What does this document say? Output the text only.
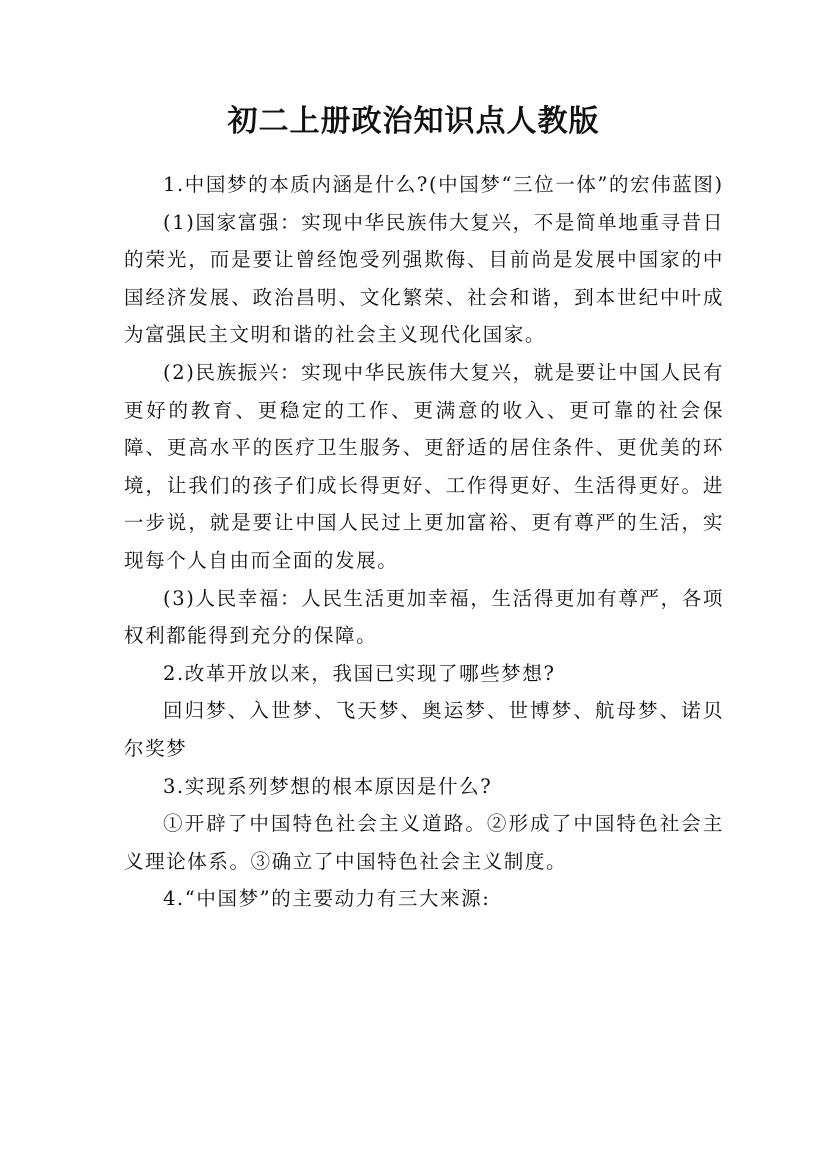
初二上册政治知识点人教版

1.中国梦的本质内涵是什么?(中国梦“三位一体”的宏伟蓝图)

(1)国家富强：实现中华民族伟大复兴，不是简单地重寻昔日的荣光，而是要让曾经饱受列强欺侮、目前尚是发展中国家的中国经济发展、政治昌明、文化繁荣、社会和谐，到本世纪中叶成为富强民主文明和谐的社会主义现代化国家。

(2)民族振兴：实现中华民族伟大复兴，就是要让中国人民有更好的教育、更稳定的工作、更满意的收入、更可靠的社会保障、更高水平的医疗卫生服务、更舒适的居住条件、更优美的环境，让我们的孩子们成长得更好、工作得更好、生活得更好。进一步说，就是要让中国人民过上更加富裕、更有尊严的生活，实现每个人自由而全面的发展。

(3)人民幸福：人民生活更加幸福，生活得更加有尊严，各项权利都能得到充分的保障。

2.改革开放以来，我国已实现了哪些梦想?

回归梦、入世梦、飞天梦、奥运梦、世博梦、航母梦、诺贝尔奖梦

3.实现系列梦想的根本原因是什么?

①开辟了中国特色社会主义道路。②形成了中国特色社会主义理论体系。③确立了中国特色社会主义制度。

4.“中国梦”的主要动力有三大来源:
